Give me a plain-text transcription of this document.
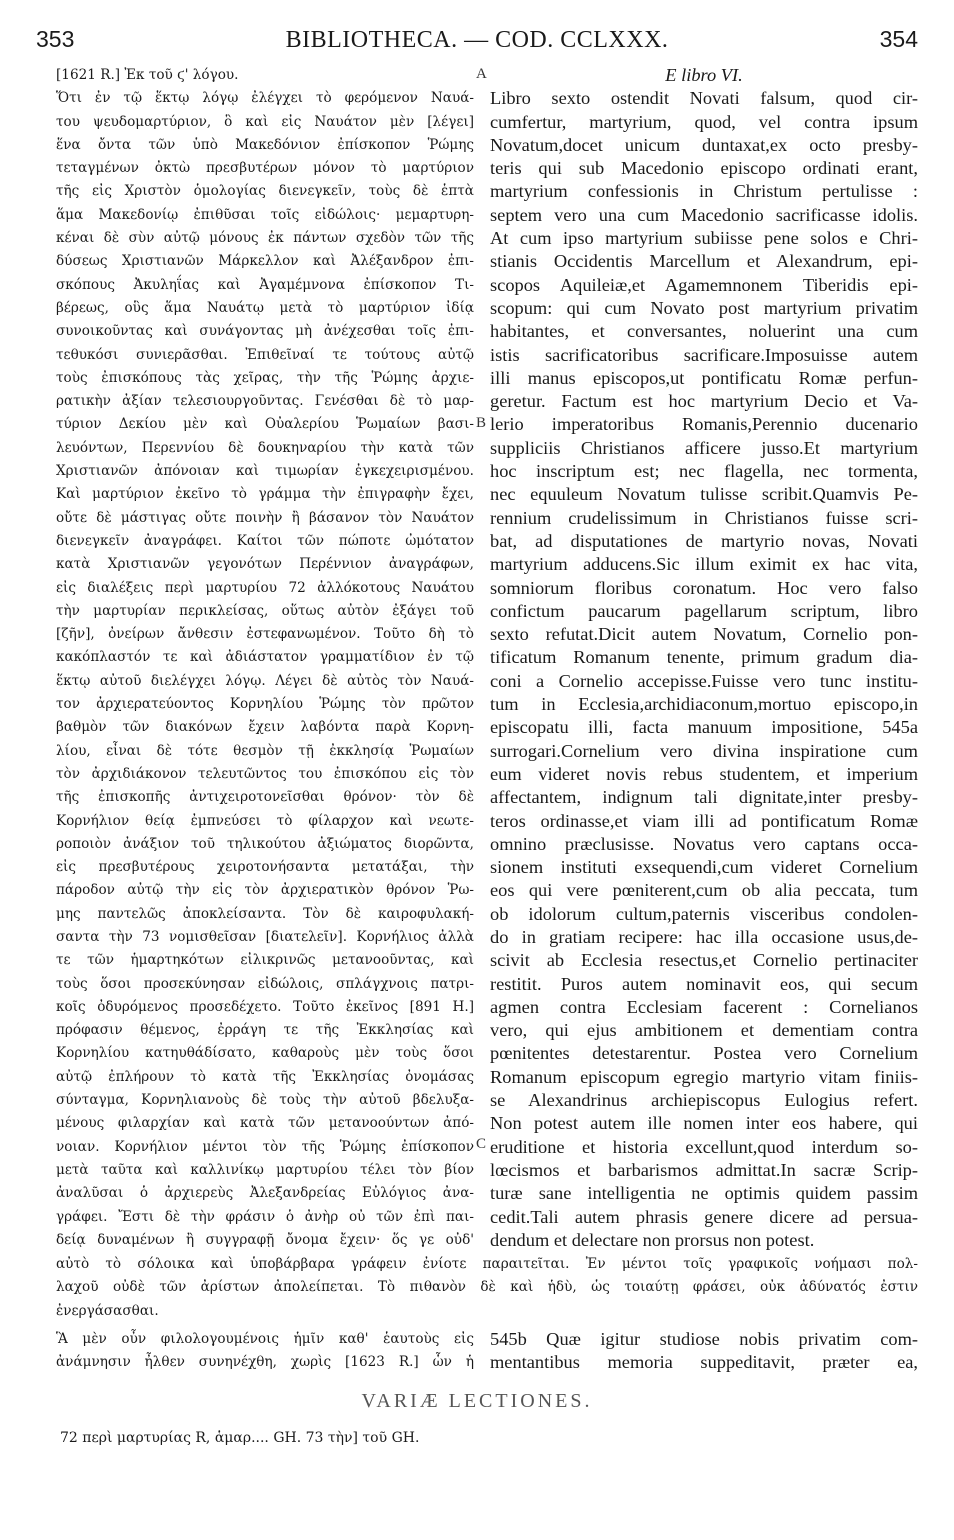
353	BIBLIOTHECA. — COD. CCLXXX.	354
[1621 R.] Ἐκ τοῦ ϛ' λόγου.
Ὅτι ἐν τῷ ἕκτῳ λόγῳ ἐλέγχει τὸ φερόμενον Ναυά-
του ψευδομαρτύριον, ὃ καὶ εἰς Ναυάτον μὲν [λέγει]
ἕνα ὄντα τῶν ὑπὸ Μακεδόνιον ἐπίσκοπον Ῥώμης
τεταγμένων ὀκτὼ πρεσβυτέρων μόνον τὸ μαρτύριον
τῆς εἰς Χριστὸν ὁμολογίας διενεγκεῖν, τοὺς δὲ ἑπτὰ
ἅμα Μακεδονίῳ ἐπιθῦσαι τοῖς εἰδώλοις· μεμαρτυρη-
κέναι δὲ σὺν αὐτῷ μόνους ἐκ πάντων σχεδὸν τῶν τῆς
δύσεως Χριστιανῶν Μάρκελλον καὶ Ἀλέξανδρον ἐπι-
σκόπους Ἀκυληΐας καὶ Ἀγαμέμνονα ἐπίσκοπον Τι-
βέρεως, οὓς ἅμα Ναυάτῳ μετὰ τὸ μαρτύριον ἰδίᾳ
συνοικοῦντας καὶ συνάγοντας μὴ ἀνέχεσθαι τοῖς ἐπι-
τεθυκόσι συνιερᾶσθαι. Ἐπιθεῖναί τε τούτους αὐτῷ
τοὺς ἐπισκόπους τὰς χεῖρας, τὴν τῆς Ῥώμης ἀρχιε-
ρατικὴν ἀξίαν τελεσιουργοῦντας. Γενέσθαι δὲ τὸ μαρ-
τύριον Δεκίου μὲν καὶ Οὐαλερίου Ῥωμαίων βασι-
λευόντων, Περεννίου δὲ δουκηναρίου τὴν κατὰ τῶν
Χριστιανῶν ἀπόνοιαν καὶ τιμωρίαν ἐγκεχειρισμένου.
Καὶ μαρτύριον ἐκεῖνο τὸ γράμμα τὴν ἐπιγραφὴν ἔχει,
οὔτε δὲ μάστιγας οὔτε ποινὴν ἢ βάσανον τὸν Ναυάτον
διενεγκεῖν ἀναγράφει. Καίτοι τῶν πώποτε ὠμότατον
κατὰ Χριστιανῶν γεγονότων Περέννιον ἀναγράφων,
εἰς διαλέξεις περὶ μαρτυρίου 72 ἀλλόκοτους Ναυάτου
τὴν μαρτυρίαν περικλείσας, οὕτως αὐτὸν ἐξάγει τοῦ
[ζῆν], ὀνείρων ἄνθεσιν ἐστεφανωμένον. Τοῦτο δὴ τὸ
κακόπλαστόν τε καὶ ἀδιάστατον γραμματίδιον ἐν τῷ
ἕκτῳ αὐτοῦ διελέγχει λόγῳ. Λέγει δὲ αὐτὸς τὸν Ναυά-
τον ἀρχιερατεύοντος Κορνηλίου Ῥώμης τὸν πρῶτον
βαθμὸν τῶν διακόνων ἔχειν λαβόντα παρὰ Κορνη-
λίου, εἶναι δὲ τότε θεσμὸν τῇ ἐκκλησίᾳ Ῥωμαίων
τὸν ἀρχιδιάκονον τελευτῶντος του ἐπισκόπου εἰς τὸν
τῆς ἐπισκοπῆς ἀντιχειροτονεῖσθαι θρόνον· τὸν δὲ
Κορνήλιον θείᾳ ἐμπνεύσει τὸ φίλαρχον καὶ νεωτε-
ροποιὸν ἀνάξιον τοῦ τηλικούτου ἀξιώματος διορῶντα,
εἰς πρεσβυτέρους χειροτονήσαντα μετατάξαι, τὴν
πάροδον αὐτῷ τὴν εἰς τὸν ἀρχιερατικὸν θρόνον Ῥω-
μης παντελῶς ἀποκλείσαντα. Τὸν δὲ καιροφυλακή-
σαντα τὴν 73 νομισθεῖσαν [διατελεῖν]. Κορνήλιος ἀλλὰ
τε τῶν ἡμαρτηκότων εἰλικρινῶς μετανοοῦντας, καὶ
τοὺς ὅσοι προσεκύνησαν εἰδώλοις, σπλάγχνοις πατρι-
κοῖς ὀδυρόμενος προσεδέχετο. Τοῦτο ἐκεῖνος [891 H.]
πρόφασιν θέμενος, ἐρράγη τε τῆς Ἐκκλησίας καὶ
Κορνηλίου κατηυθάδίσατο, καθαροὺς μὲν τοὺς ὅσοι
αὐτῷ ἐπλήρουν τὸ κατὰ τῆς Ἐκκλησίας ὀνομάσας
σύνταγμα, Κορνηλιανοὺς δὲ τοὺς τὴν αὐτοῦ βδελυξα-
μένους φιλαρχίαν καὶ κατὰ τῶν μετανοούντων ἀπό-
νοιαν. Κορνήλιον μέντοι τὸν τῆς Ῥώμης ἐπίσκοπον
μετὰ ταῦτα καὶ καλλινίκῳ μαρτυρίου τέλει τὸν βίον
ἀναλῦσαι ὁ ἀρχιερεὺς Ἀλεξανδρείας Εὐλόγιος ἀνα-
γράφει. Ἔστι δὲ τὴν φράσιν ὁ ἀνὴρ οὐ τῶν ἐπὶ παι-
δείᾳ δυναμένων ἢ συγγραφῇ ὄνομα ἔχειν· ὅς γε οὐδ'
E libro VI.
Libro sexto ostendit Novati falsum, quod cir-
cumfertur, martyrium, quod, vel contra ipsum
Novatum,docet unicum duntaxat,ex octo presby-
teris qui sub Macedonio episcopo ordinati erant,
martyrium confessionis in Christum pertulisse :
septem vero una cum Macedonio sacrificasse idolis.
At cum ipso martyrium subiisse pene solos e Chri-
stianis Occidentis Marcellum et Alexandrum, epi-
scopos Aquileiæ,et Agamemnonem Tiberidis epi-
scopum: qui cum Novato post martyrium privatim
habitantes, et conversantes, noluerint una cum
istis sacrificatoribus sacrificare.Imposuisse autem
illi manus episcopos,ut pontificatu Romæ perfun-
geretur. Factum est hoc martyrium Decio et Va-
lerio imperatoribus Romanis,Perennio ducenario
suppliciis Christianos afficere jusso.Et martyrium
hoc inscriptum est; nec flagella, nec tormenta,
nec equuleum Novatum tulisse scribit.Quamvis Pe-
rennium crudelissimum in Christianos fuisse scri-
bat, ad disputationes de martyrio novas, Novati
martyrium adducens.Sic illum eximit ex hac vita,
somniorum floribus coronatum. Hoc vero falso
confictum paucarum pagellarum scriptum, libro
sexto refutat.Dicit autem Novatum, Cornelio pon-
tificatum Romanum tenente, primum gradum dia-
coni a Cornelio accepisse.Fuisse vero tunc institu-
tum in Ecclesia,archidiaconum,mortuo episcopo,in
episcopatu illi, facta manuum impositione, 545a
surrogari.Cornelium vero divina inspiratione cum
eum videret novis rebus studentem, et imperium
affectantem, indignum tali dignitate,inter presby-
teros ordinasse,et viam illi ad pontificatum Romæ
omnino præclusisse. Novatus vero captans occa-
sionem instituti exsequendi,cum videret Cornelium
eos qui vere pœniterent,cum ob alia peccata, tum
ob idolorum cultum,paternis visceribus condolen-
do in gratiam recipere: hac illa occasione usus,de-
scivit ab Ecclesia resectus,et Cornelio pertinaciter
restitit. Puros autem nominavit eos, qui secum
agmen contra Ecclesiam facerent : Cornelianos
vero, qui ejus ambitionem et dementiam contra
pœnitentes detestarentur. Postea vero Cornelium
Romanum episcopum egregio martyrio vitam finiis-
se Alexandrinus archiepiscopus Eulogius refert.
Non potest autem ille nomen inter eos habere, qui
eruditione et historia excellunt,quod interdum so-
lœcismos et barbarismos admittat.In sacræ Scrip-
turæ sane intelligentia ne optimis quidem passim
cedit.Tali autem phrasis genere dicere ad persua-
dendum et delectare non prorsus non potest.
A
B
C
αὐτὸ τὸ σόλοικα καὶ ὑποβάρβαρα γράφειν ἐνίοτε παραιτεῖται. Ἐν μέντοι τοῖς γραφικοῖς νοήμασι πολ-
λαχοῦ οὐδὲ τῶν ἀρίστων ἀπολείπεται. Τὸ πιθανὸν δὲ καὶ ἡδὺ, ὡς τοιαύτῃ φράσει, οὐκ ἀδύνατός ἐστιν
ἐνεργάσασθαι.
Ἃ μὲν οὖν φιλολογουμένοις ἡμῖν καθ' ἑαυτοὺς εἰς
ἀνάμνησιν ἦλθεν συνηνέχθη, χωρὶς [1623 R.] ὧν ἡ
545b Quæ igitur studiose nobis privatim com-
mentantibus memoria suppeditavit, præter ea,
VARIÆ LECTIONES.
72 περὶ μαρτυρίας R, ἁμαρ.... GH. 73 τὴν] τοῦ GH.
